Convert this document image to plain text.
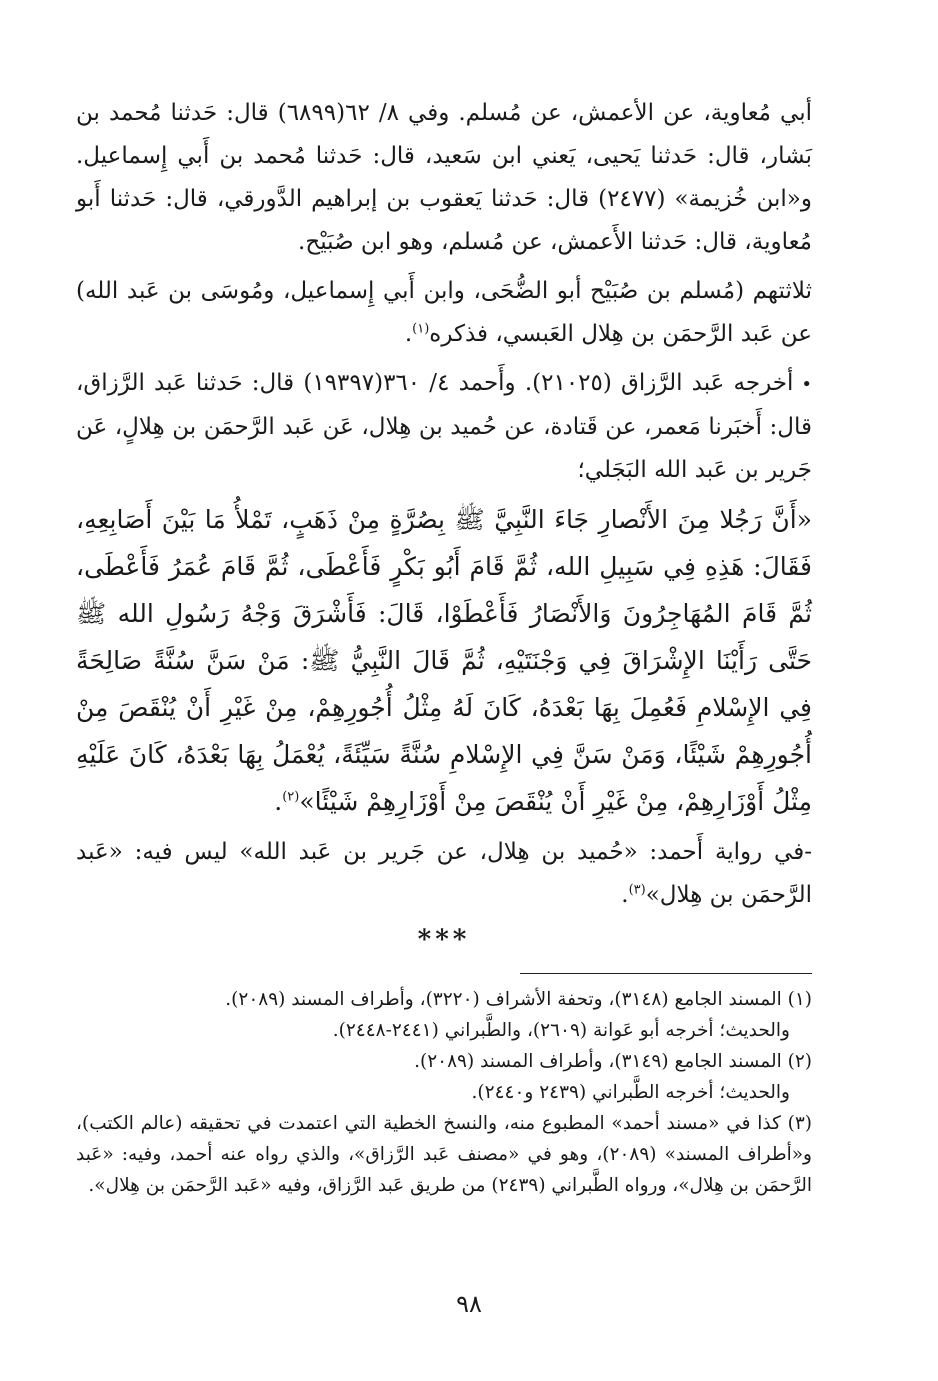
أبي مُعاوية، عن الأعمش، عن مُسلم. وفي ٨/ ٦٢(٦٨٩٩) قال: حَدثنا مُحمد بن بَشار، قال: حَدثنا يَحيى، يَعني ابن سَعيد، قال: حَدثنا مُحمد بن أَبي إِسماعيل. و«ابن خُزيمة» (٢٤٧٧) قال: حَدثنا يَعقوب بن إبراهيم الدَّورقي، قال: حَدثنا أَبو مُعاوية، قال: حَدثنا الأَعمش، عن مُسلم، وهو ابن صُبَيْح.

ثلاثتهم (مُسلم بن صُبَيْح أبو الضُّحَى، وابن أَبي إِسماعيل، ومُوسَى بن عَبد الله) عن عَبد الرَّحمَن بن هِلال العَبسي، فذكره$^{(١)}$.

•أخرجه عَبد الرَّزاق (٢١٠٢٥). وأَحمد ٤/ ٣٦٠(١٩٣٩٧) قال: حَدثنا عَبد الرَّزاق، قال: أَخبَرنا مَعمر، عن قَتادة، عن حُميد بن هِلال، عَن عَبد الرَّحمَن بن هِلالٍ، عَن جَرير بن عَبد الله البَجَلي؛

«أَنَّ رَجُلا مِنَ الأَنْصارِ جَاءَ النَّبِيَّ ﷺ بِصُرَّةٍ مِنْ ذَهَبٍ، تَمْلأُ مَا بَيْنَ أَصَابِعِهِ، فَقَالَ: هَذِهِ فِي سَبِيلِ الله، ثُمَّ قَامَ أَبُو بَكْرٍ فَأَعْطَى، ثُمَّ قَامَ عُمَرُ فَأَعْطَى، ثُمَّ قَامَ المُهَاجِرُونَ وَالأَنْصَارُ فَأَعْطَوْا، قَالَ: فَأَشْرَقَ وَجْهُ رَسُولِ الله ﷺ حَتَّى رَأَيْنَا الإِشْرَاقَ فِي وَجْنَتَيْهِ، ثُمَّ قَالَ النَّبِيُّ ﷺ: مَنْ سَنَّ سُنَّةً صَالِحَةً فِي الإِسْلامِ فَعُمِلَ بِهَا بَعْدَهُ، كَانَ لَهُ مِثْلُ أُجُورِهِمْ، مِنْ غَيْرِ أَنْ يُنْقَصَ مِنْ أُجُورِهِمْ شَيْئًا، وَمَنْ سَنَّ فِي الإِسْلامِ سُنَّةً سَيِّئَةً، يُعْمَلُ بِهَا بَعْدَهُ، كَانَ عَلَيْهِ مِثْلُ أَوْزَارِهِمْ، مِنْ غَيْرِ أَنْ يُنْقَصَ مِنْ أَوْزَارِهِمْ شَيْئًا»$^{(٢)}$.

-في رواية أَحمد: «حُميد بن هِلال، عن جَرير بن عَبد الله» ليس فيه: «عَبد الرَّحمَن بن هِلال»$^{(٣)}$.

***

(١) المسند الجامع (٣١٤٨)، وتحفة الأشراف (٣٢٢٠)، وأطراف المسند (٢٠٨٩).

والحديث؛ أخرجه أبو عَوانة (٢٦٠٩)، والطَّبراني (٢٤٤١-٢٤٤٨).

(٢) المسند الجامع (٣١٤٩)، وأطراف المسند (٢٠٨٩).

والحديث؛ أخرجه الطَّبراني (٢٤٣٩ و٢٤٤٠).

(٣) كذا في «مسند أحمد» المطبوع منه، والنسخ الخطية التي اعتمدت في تحقيقه (عالم الكتب)، و«أطراف المسند» (٢٠٨٩)، وهو في «مصنف عَبد الرَّزاق»، والذي رواه عنه أحمد، وفيه: «عَبد الرَّحمَن بن هِلال»، ورواه الطَّبراني (٢٤٣٩) من طريق عَبد الرَّزاق، وفيه «عَبد الرَّحمَن بن هِلال».

٩٨
